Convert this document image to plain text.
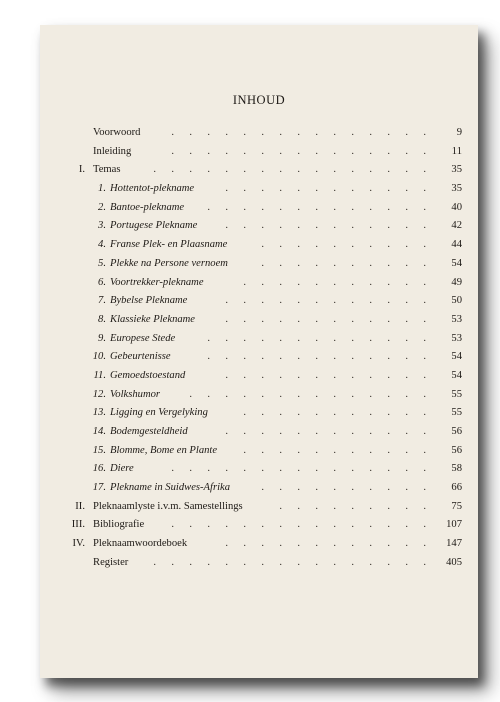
INHOUD
Voorwoord	. . . . . . . . . . . . . . .	9
Inleiding	. . . . . . . . . . . . . . .	11
I. Temas	. . . . . . . . . . . . . . . .	35
1. Hottentot-plekname	. . . . . . . . . . . .	35
2. Bantoe-plekname	. . . . . . . . . . . . .	40
3. Portugese Plekname	. . . . . . . . . . . .	42
4. Franse Plek- en Plaasname	. . . . . . . . . .	44
5. Plekke na Persone vernoem	. . . . . . . . . .	54
6. Voortrekker-plekname	. . . . . . . . . . .	49
7. Bybelse Plekname	. . . . . . . . . . . .	50
8. Klassieke Plekname	. . . . . . . . . . . .	53
9. Europese Stede	. . . . . . . . . . . . .	53
10. Gebeurtenisse	. . . . . . . . . . . . .	54
11. Gemoedstoestand	. . . . . . . . . . . .	54
12. Volkshumor	. . . . . . . . . . . . . .	55
13. Ligging en Vergelyking	. . . . . . . . . . .	55
14. Bodemgesteldheid	. . . . . . . . . . . .	56
15. Blomme, Bome en Plante	. . . . . . . . . . .	56
16. Diere	. . . . . . . . . . . . . . .	58
17. Plekname in Suidwes-Afrika	. . . . . . . . . .	66
II. Pleknaamlyste i.v.m. Samestellings	. . . . . . . . .	75
III. Bibliografie	. . . . . . . . . . . . . . .	107
IV. Pleknaamwoordeboek	. . . . . . . . . . . .	147
Register	. . . . . . . . . . . . . . . .	405
